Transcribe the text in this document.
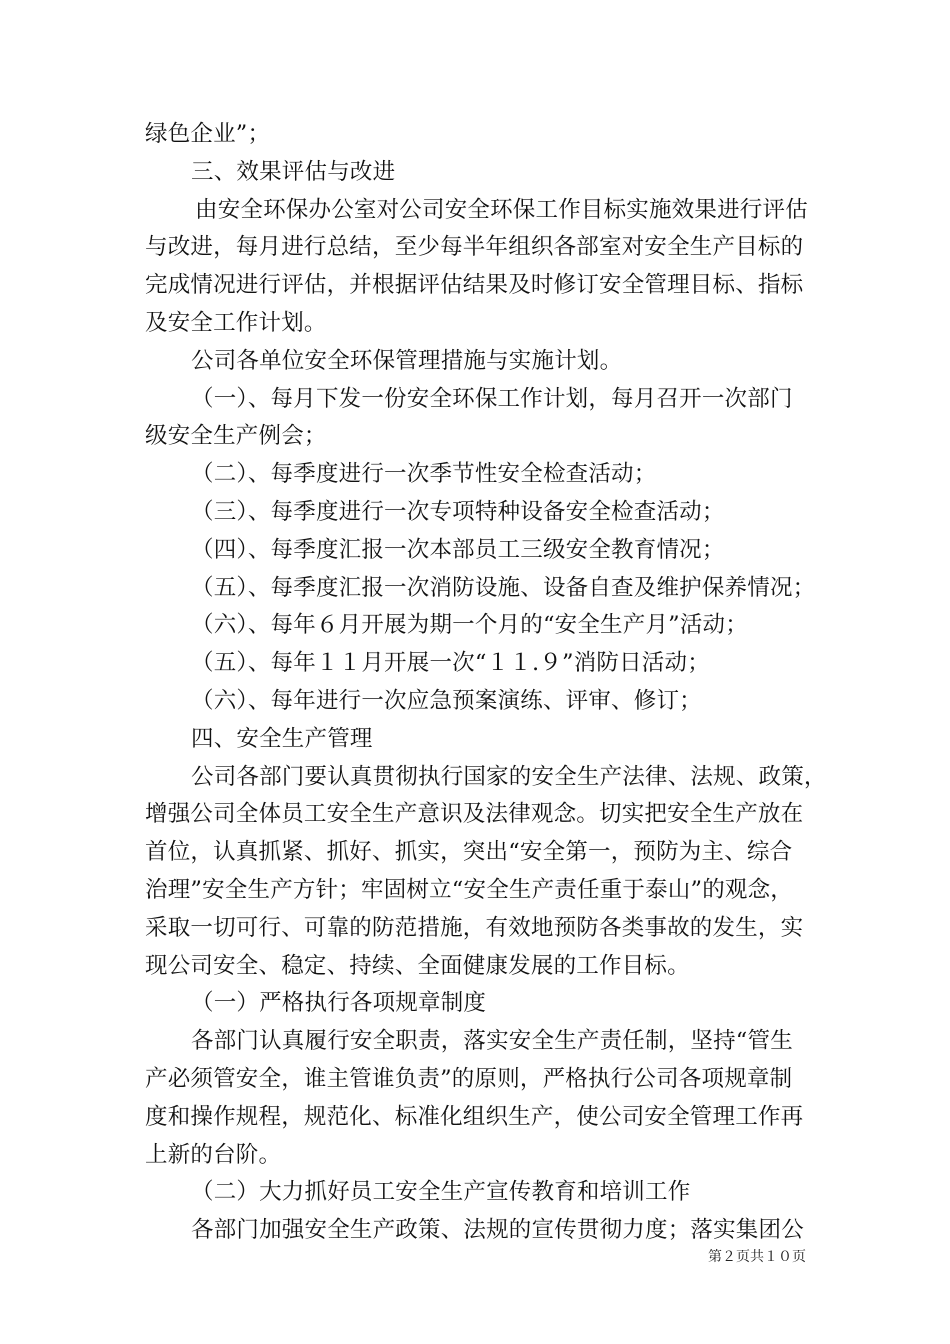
绿色企业”；
三、效果评估与改进
由安全环保办公室对公司安全环保工作目标实施效果进行评估
与改进，每月进行总结，至少每半年组织各部室对安全生产目标的
完成情况进行评估，并根据评估结果及时修订安全管理目标、指标
及安全工作计划。
公司各单位安全环保管理措施与实施计划。
（一）、每月下发一份安全环保工作计划，每月召开一次部门
级安全生产例会；
（二）、每季度进行一次季节性安全检查活动；
（三）、每季度进行一次专项特种设备安全检查活动；
（四）、每季度汇报一次本部员工三级安全教育情况；
（五）、每季度汇报一次消防设施、设备自查及维护保养情况；
（六）、每年６月开展为期一个月的“安全生产月”活动；
（五）、每年１１月开展一次“１１.９”消防日活动；
（六）、每年进行一次应急预案演练、评审、修订；
四、安全生产管理
公司各部门要认真贯彻执行国家的安全生产法律、法规、政策，
增强公司全体员工安全生产意识及法律观念。切实把安全生产放在
首位，认真抓紧、抓好、抓实，突出“安全第一，预防为主、综合
治理”安全生产方针；牢固树立“安全生产责任重于泰山”的观念，
采取一切可行、可靠的防范措施，有效地预防各类事故的发生，实
现公司安全、稳定、持续、全面健康发展的工作目标。
（一）严格执行各项规章制度
各部门认真履行安全职责，落实安全生产责任制，坚持“管生
产必须管安全，谁主管谁负责”的原则，严格执行公司各项规章制
度和操作规程，规范化、标准化组织生产，使公司安全管理工作再
上新的台阶。
（二）大力抓好员工安全生产宣传教育和培训工作
各部门加强安全生产政策、法规的宣传贯彻力度；落实集团公
第２页共１０页
